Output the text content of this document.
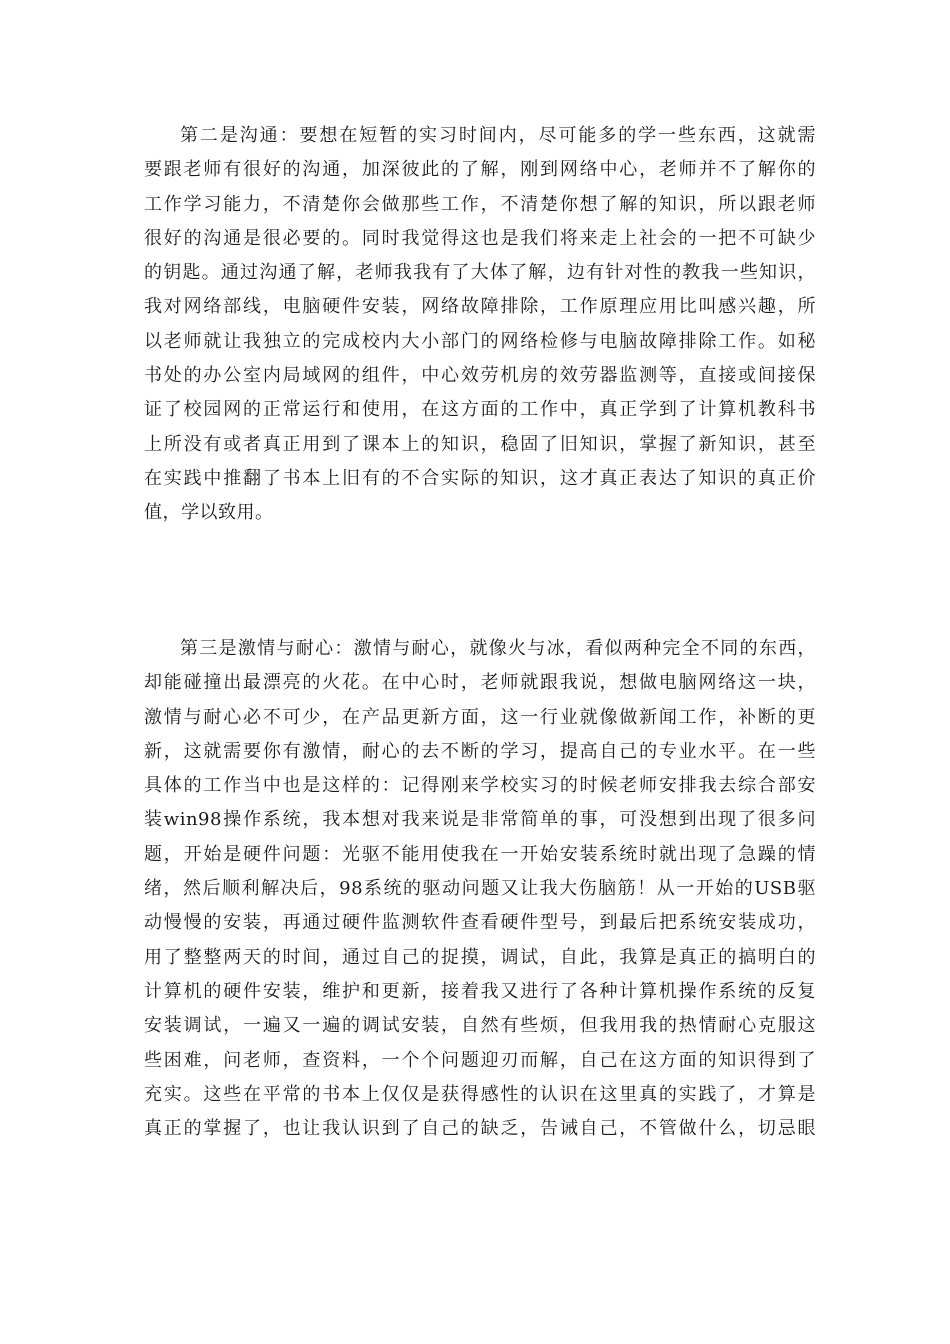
第二是沟通：要想在短暂的实习时间内，尽可能多的学一些东西，这就需
要跟老师有很好的沟通，加深彼此的了解，刚到网络中心，老师并不了解你的
工作学习能力，不清楚你会做那些工作，不清楚你想了解的知识，所以跟老师
很好的沟通是很必要的。同时我觉得这也是我们将来走上社会的一把不可缺少
的钥匙。通过沟通了解，老师我我有了大体了解，边有针对性的教我一些知识，
我对网络部线，电脑硬件安装，网络故障排除，工作原理应用比叫感兴趣，所
以老师就让我独立的完成校内大小部门的网络检修与电脑故障排除工作。如秘
书处的办公室内局域网的组件，中心效劳机房的效劳器监测等，直接或间接保
证了校园网的正常运行和使用，在这方面的工作中，真正学到了计算机教科书
上所没有或者真正用到了课本上的知识，稳固了旧知识，掌握了新知识，甚至
在实践中推翻了书本上旧有的不合实际的知识，这才真正表达了知识的真正价
值，学以致用。
第三是激情与耐心：激情与耐心，就像火与冰，看似两种完全不同的东西，
却能碰撞出最漂亮的火花。在中心时，老师就跟我说，想做电脑网络这一块，
激情与耐心必不可少，在产品更新方面，这一行业就像做新闻工作，补断的更
新，这就需要你有激情，耐心的去不断的学习，提高自己的专业水平。在一些
具体的工作当中也是这样的：记得刚来学校实习的时候老师安排我去综合部安
装win98操作系统，我本想对我来说是非常简单的事，可没想到出现了很多问
题，开始是硬件问题：光驱不能用使我在一开始安装系统时就出现了急躁的情
绪，然后顺利解决后，98系统的驱动问题又让我大伤脑筋！从一开始的USB驱
动慢慢的安装，再通过硬件监测软件查看硬件型号，到最后把系统安装成功，
用了整整两天的时间，通过自己的捉摸，调试，自此，我算是真正的搞明白的
计算机的硬件安装，维护和更新，接着我又进行了各种计算机操作系统的反复
安装调试，一遍又一遍的调试安装，自然有些烦，但我用我的热情耐心克服这
些困难，问老师，查资料，一个个问题迎刃而解，自己在这方面的知识得到了
充实。这些在平常的书本上仅仅是获得感性的认识在这里真的实践了，才算是
真正的掌握了，也让我认识到了自己的缺乏，告诫自己，不管做什么，切忌眼
